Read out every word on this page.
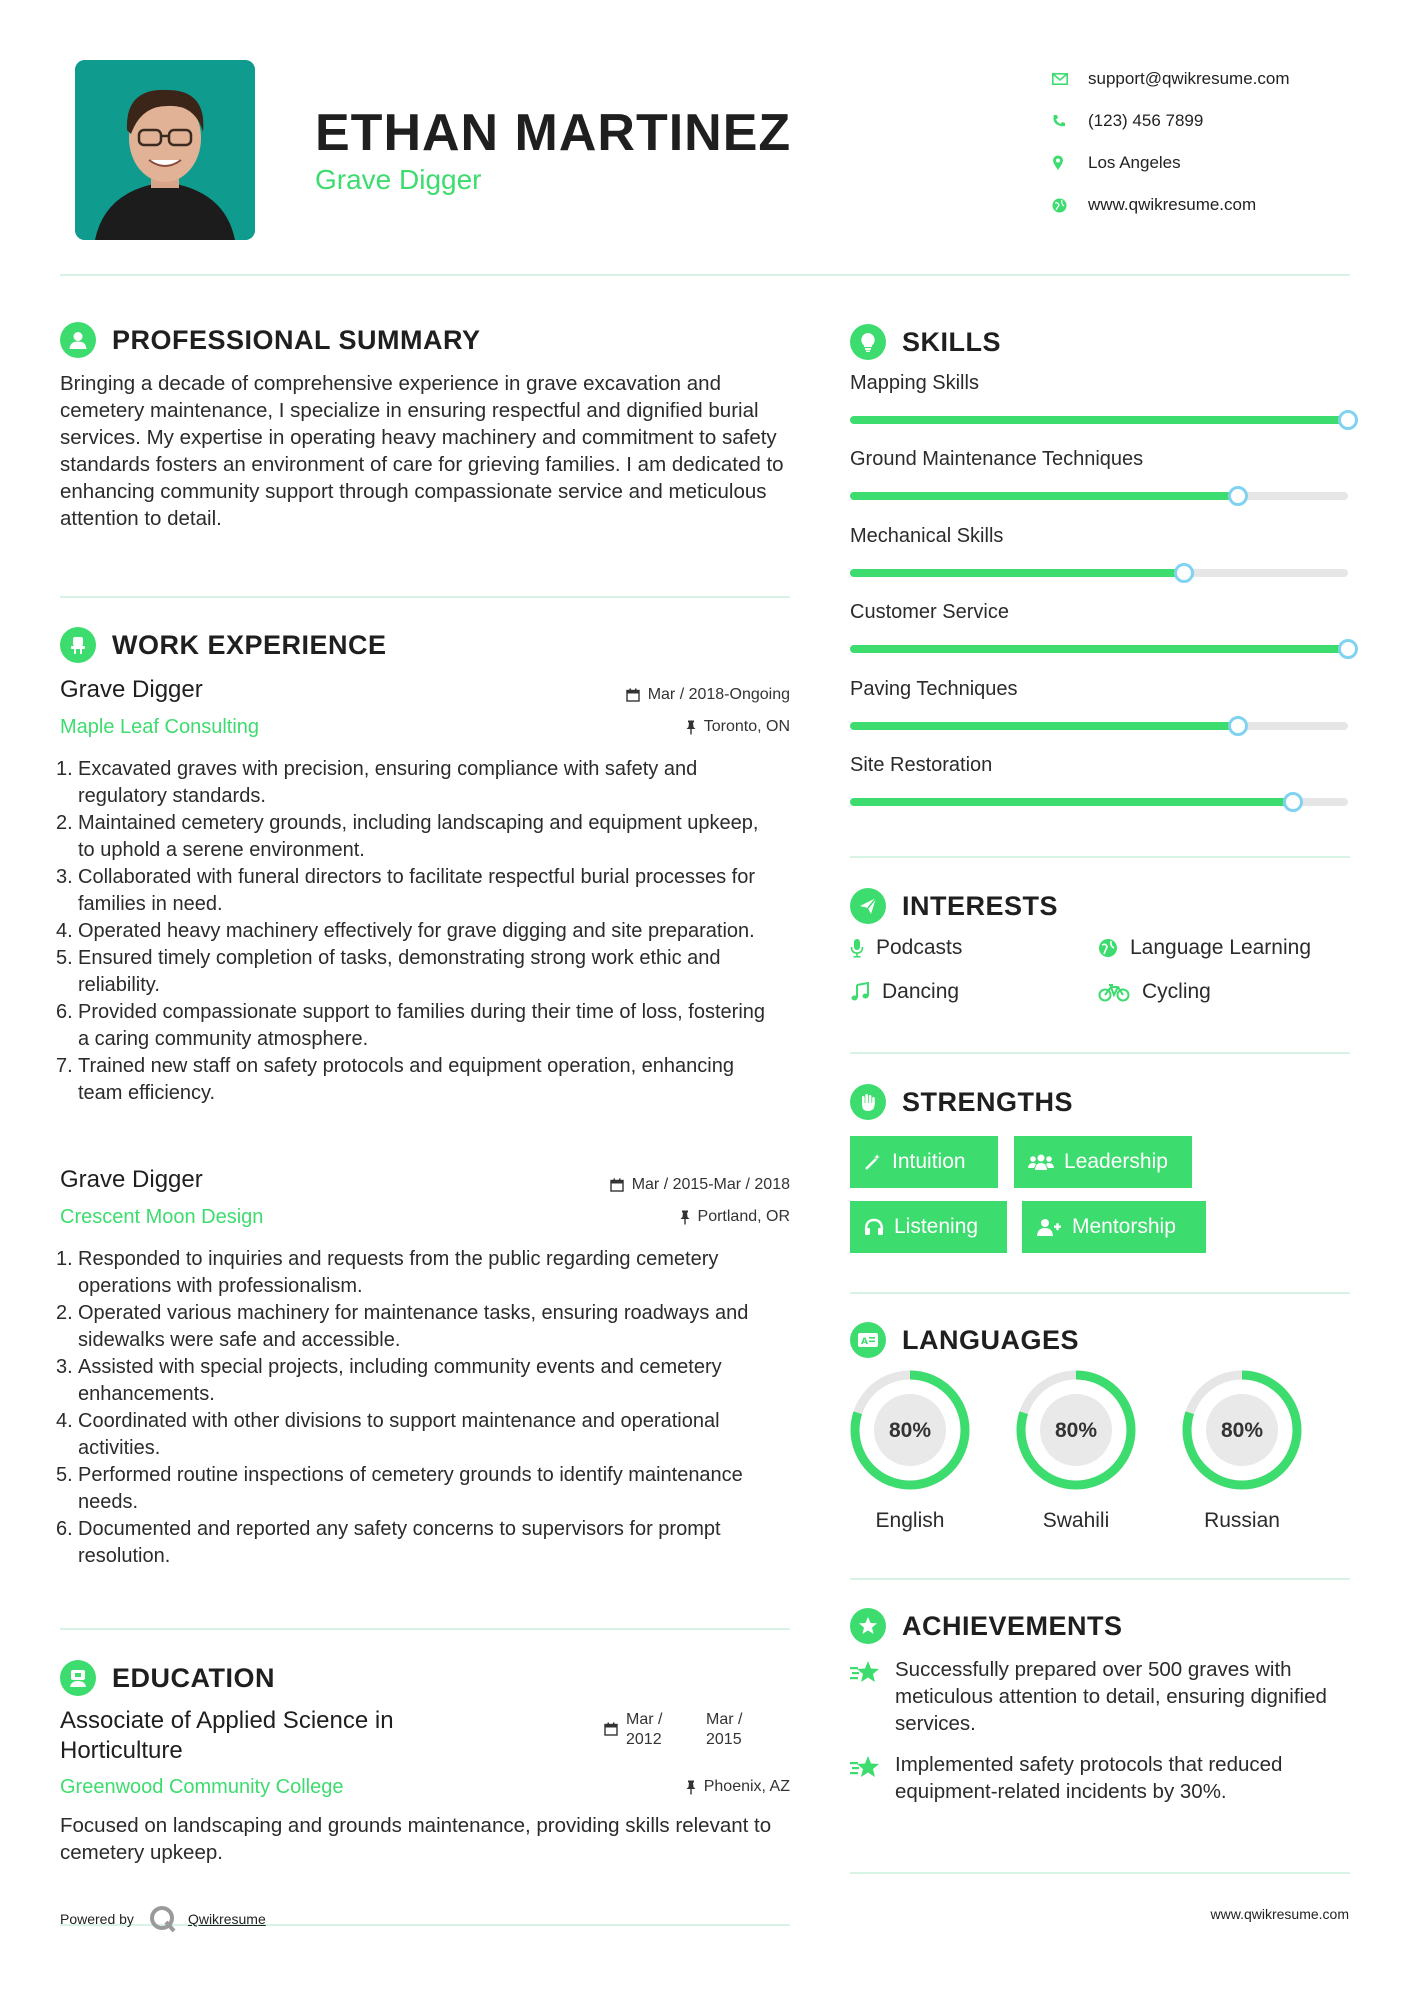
ETHAN MARTINEZ
Grave Digger
support@qwikresume.com
(123) 456 7899
Los Angeles
www.qwikresume.com
PROFESSIONAL SUMMARY
Bringing a decade of comprehensive experience in grave excavation and cemetery maintenance, I specialize in ensuring respectful and dignified burial services. My expertise in operating heavy machinery and commitment to safety standards fosters an environment of care for grieving families. I am dedicated to enhancing community support through compassionate service and meticulous attention to detail.
WORK EXPERIENCE
Grave Digger	Mar / 2018-Ongoing
Maple Leaf Consulting	Toronto, ON
1. Excavated graves with precision, ensuring compliance with safety and regulatory standards.
2. Maintained cemetery grounds, including landscaping and equipment upkeep, to uphold a serene environment.
3. Collaborated with funeral directors to facilitate respectful burial processes for families in need.
4. Operated heavy machinery effectively for grave digging and site preparation.
5. Ensured timely completion of tasks, demonstrating strong work ethic and reliability.
6. Provided compassionate support to families during their time of loss, fostering a caring community atmosphere.
7. Trained new staff on safety protocols and equipment operation, enhancing team efficiency.
Grave Digger	Mar / 2015-Mar / 2018
Crescent Moon Design	Portland, OR
1. Responded to inquiries and requests from the public regarding cemetery operations with professionalism.
2. Operated various machinery for maintenance tasks, ensuring roadways and sidewalks were safe and accessible.
3. Assisted with special projects, including community events and cemetery enhancements.
4. Coordinated with other divisions to support maintenance and operational activities.
5. Performed routine inspections of cemetery grounds to identify maintenance needs.
6. Documented and reported any safety concerns to supervisors for prompt resolution.
EDUCATION
Associate of Applied Science in Horticulture
Mar / 2012
Mar / 2015
Greenwood Community College	Phoenix, AZ
Focused on landscaping and grounds maintenance, providing skills relevant to cemetery upkeep.
SKILLS
Mapping Skills
Ground Maintenance Techniques
Mechanical Skills
Customer Service
Paving Techniques
Site Restoration
INTERESTS
Podcasts	Language Learning
Dancing	Cycling
STRENGTHS
Intuition	Leadership
Listening	Mentorship
A LANGUAGES
80%
English
80%
Swahili
80%
Russian
ACHIEVEMENTS
Successfully prepared over 500 graves with meticulous attention to detail, ensuring dignified services.
Implemented safety protocols that reduced equipment-related incidents by 30%.
Powered by	Qwikresume	www.qwikresume.com
